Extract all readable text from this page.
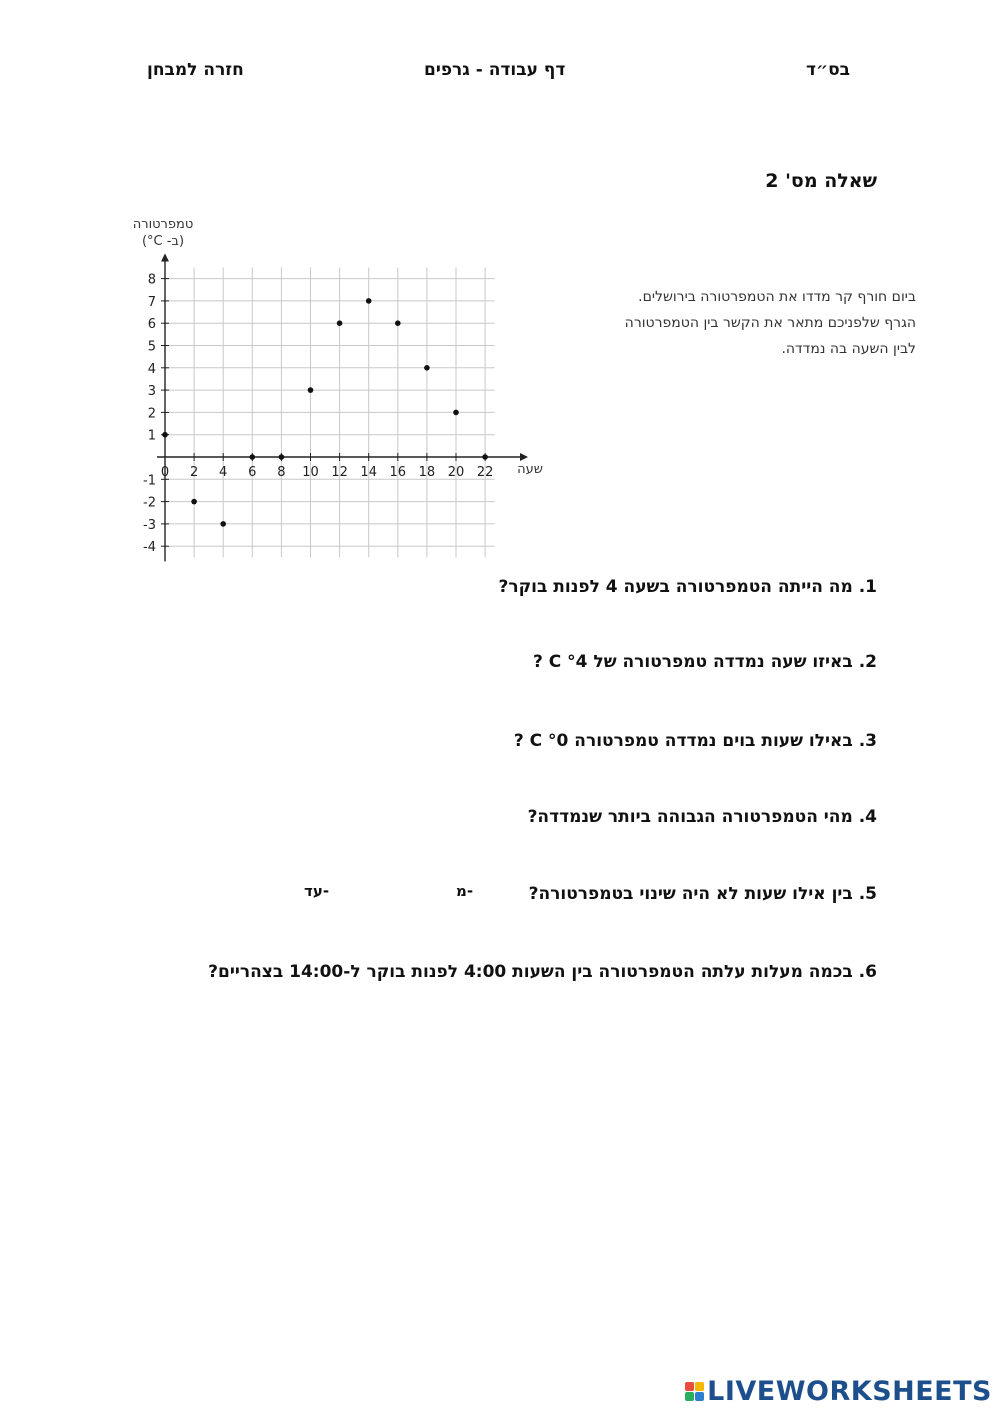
בס״ד
דף עבודה - גרפים
חזרה למבחן
שאלה מס' 2
ביום חורף קר מדדו את הטמפרטורה בירושלים.
הגרף שלפניכם מתאר את הקשר בין הטמפרטורה
לבין השעה בה נמדדה.
טמפרטורה
(ב- C°)
-4
-3
-2
-1
1
2
3
4
5
6
7
8
0 2 4 6 8 10 12 14 16 18 20 22 שעה
1. מה הייתה הטמפרטורה בשעה 4 לפנות בוקר?
2. באיזו שעה נמדדה טמפרטורה של °4 C ?
3. באילו שעות בוים נמדדה טמפרטורה °0 C ?
4. מהי הטמפרטורה הגבוהה ביותר שנמדדה?
5. בין אילו שעות לא היה שינוי בטמפרטורה?
מ-
עד-
6. בכמה מעלות עלתה הטמפרטורה בין השעות 4:00 לפנות בוקר ל-14:00 בצהריים?
LIVEWORKSHEETS
